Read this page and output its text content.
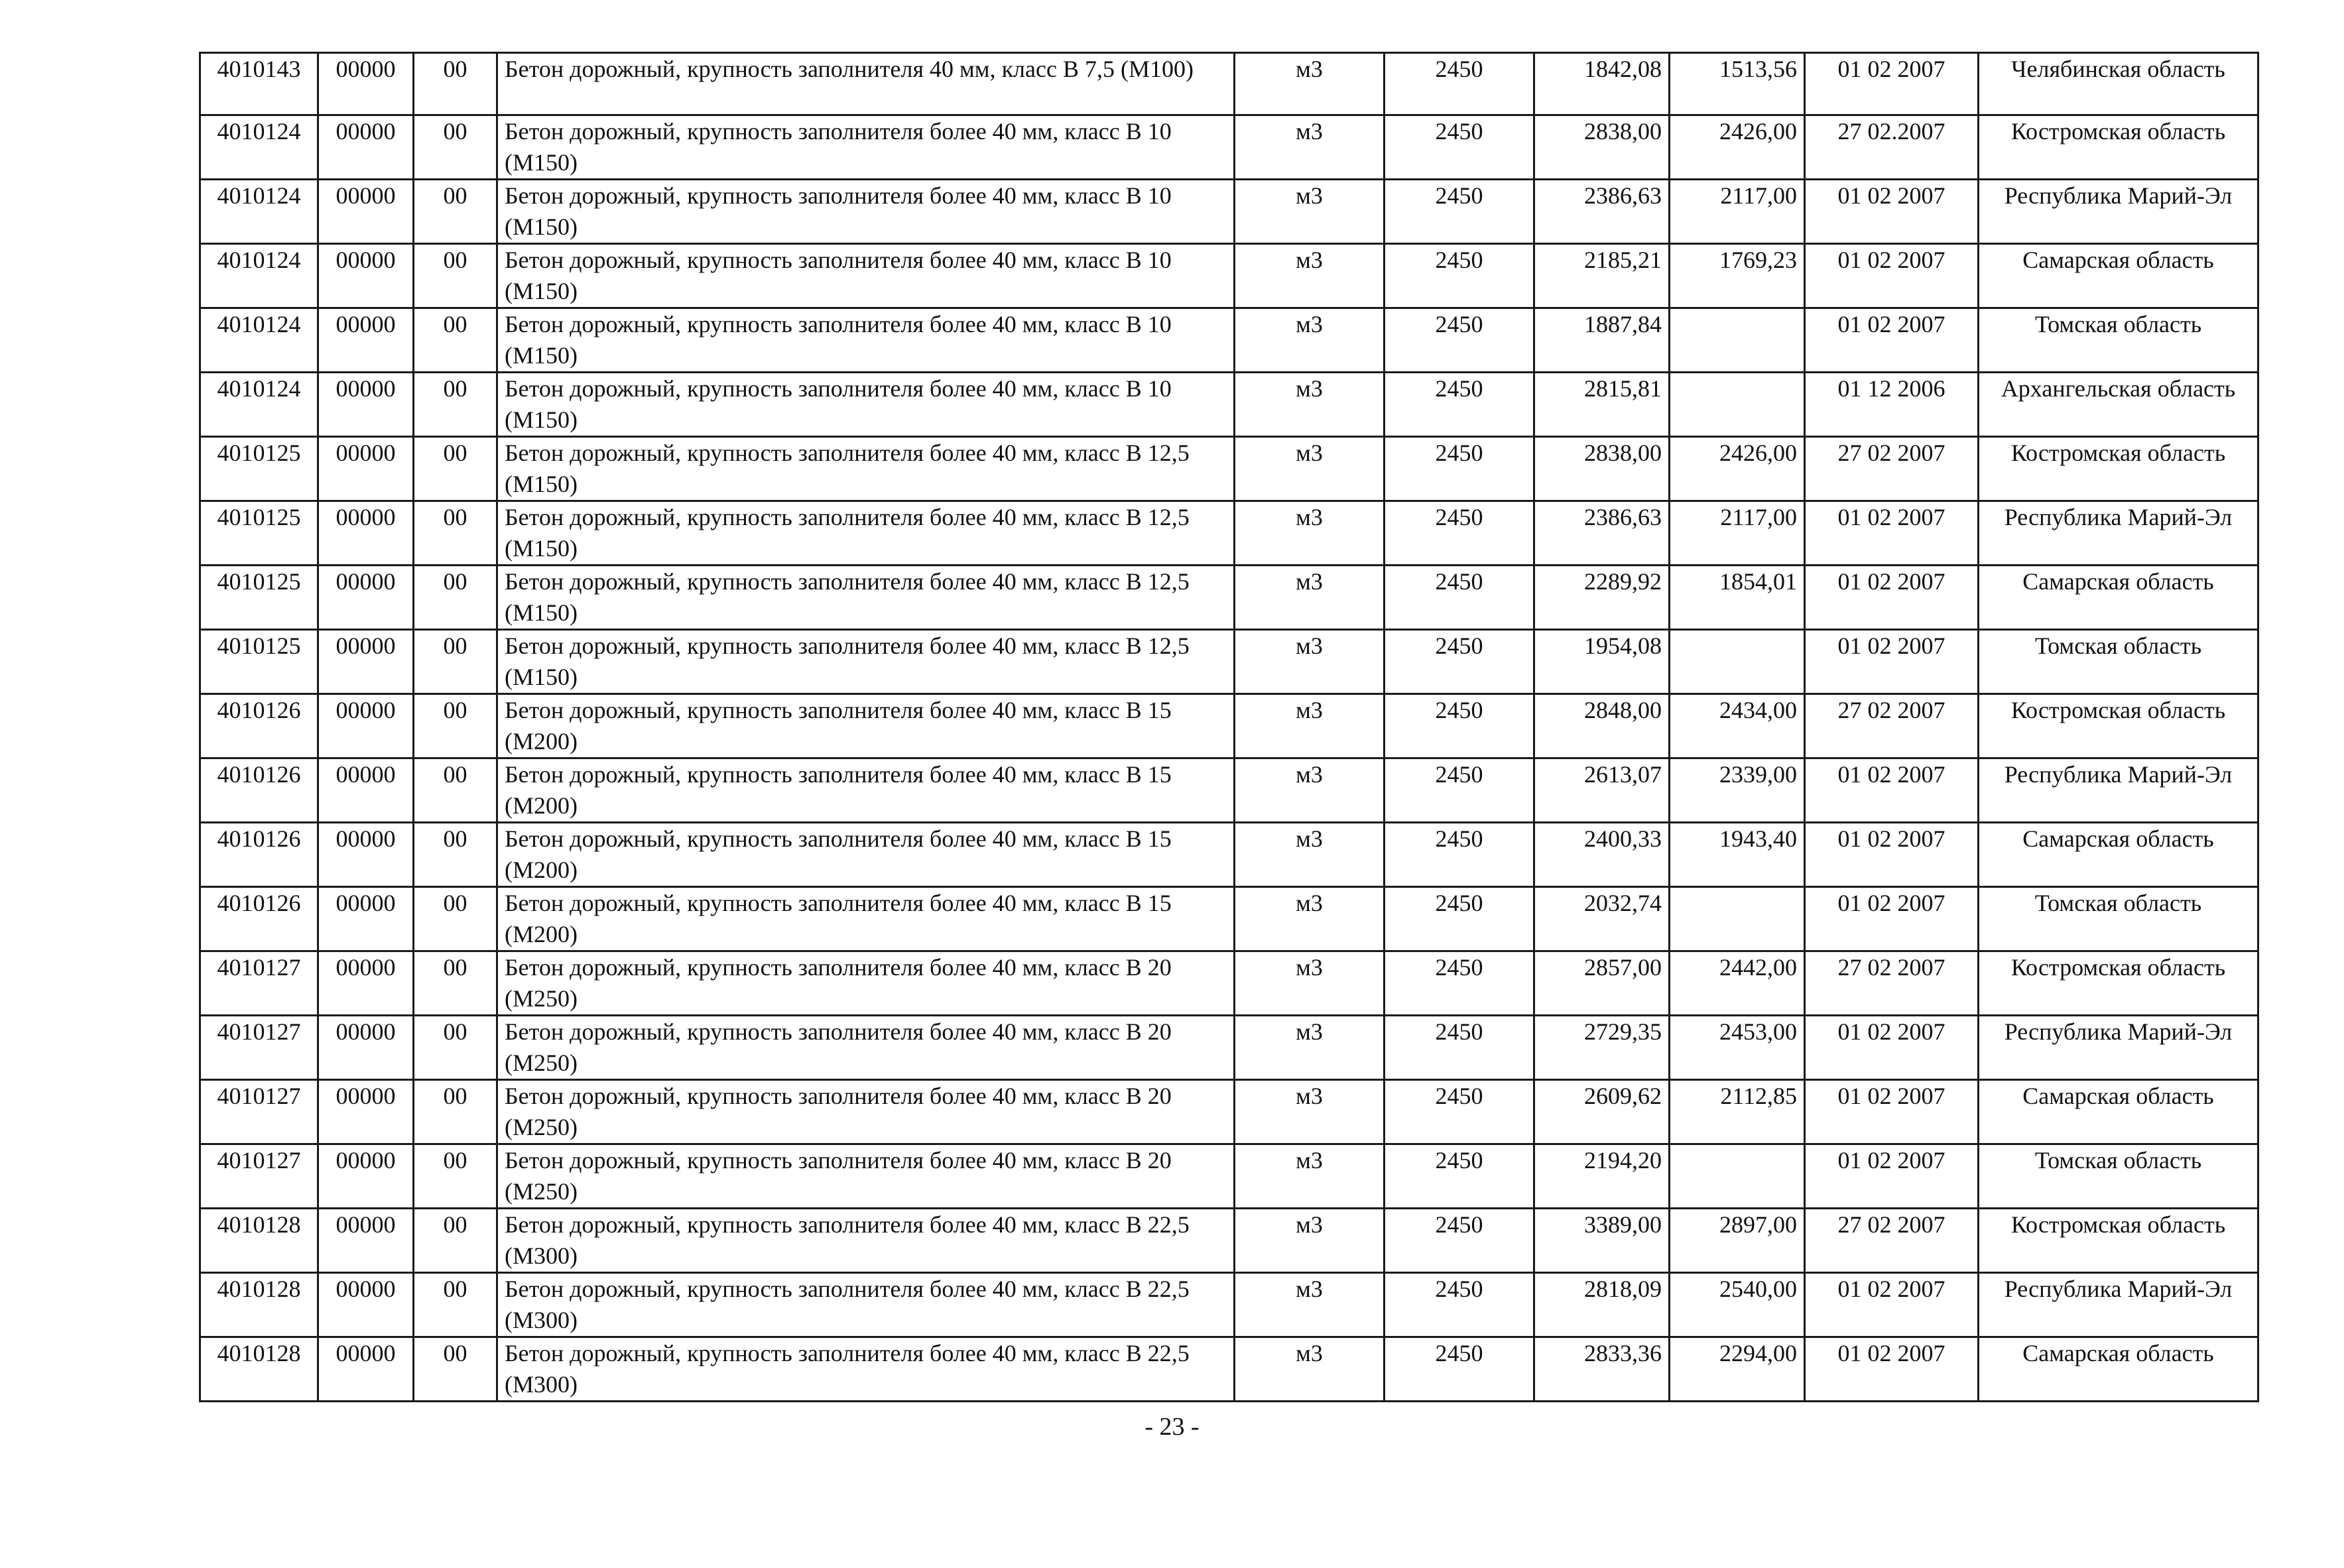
4010143	00000	00	Бетон дорожный, крупность заполнителя 40 мм, класс В 7,5 (М100)	м3	2450	1842,08	1513,56	01 02 2007	Челябинская область
4010124	00000	00	Бетон дорожный, крупность заполнителя более 40 мм, класс В 10 (М150)	м3	2450	2838,00	2426,00	27 02.2007	Костромская область
4010124	00000	00	Бетон дорожный, крупность заполнителя более 40 мм, класс В 10 (М150)	м3	2450	2386,63	2117,00	01 02 2007	Республика Марий-Эл
4010124	00000	00	Бетон дорожный, крупность заполнителя более 40 мм, класс В 10 (М150)	м3	2450	2185,21	1769,23	01 02 2007	Самарская область
4010124	00000	00	Бетон дорожный, крупность заполнителя более 40 мм, класс В 10 (М150)	м3	2450	1887,84		01 02 2007	Томская область
4010124	00000	00	Бетон дорожный, крупность заполнителя более 40 мм, класс В 10 (М150)	м3	2450	2815,81		01 12 2006	Архангельская область
4010125	00000	00	Бетон дорожный, крупность заполнителя более 40 мм, класс В 12,5 (М150)	м3	2450	2838,00	2426,00	27 02 2007	Костромская область
4010125	00000	00	Бетон дорожный, крупность заполнителя более 40 мм, класс В 12,5 (М150)	м3	2450	2386,63	2117,00	01 02 2007	Республика Марий-Эл
4010125	00000	00	Бетон дорожный, крупность заполнителя более 40 мм, класс В 12,5 (М150)	м3	2450	2289,92	1854,01	01 02 2007	Самарская область
4010125	00000	00	Бетон дорожный, крупность заполнителя более 40 мм, класс В 12,5 (М150)	м3	2450	1954,08		01 02 2007	Томская область
4010126	00000	00	Бетон дорожный, крупность заполнителя более 40 мм, класс В 15 (М200)	м3	2450	2848,00	2434,00	27 02 2007	Костромская область
4010126	00000	00	Бетон дорожный, крупность заполнителя более 40 мм, класс В 15 (М200)	м3	2450	2613,07	2339,00	01 02 2007	Республика Марий-Эл
4010126	00000	00	Бетон дорожный, крупность заполнителя более 40 мм, класс В 15 (М200)	м3	2450	2400,33	1943,40	01 02 2007	Самарская область
4010126	00000	00	Бетон дорожный, крупность заполнителя более 40 мм, класс В 15 (М200)	м3	2450	2032,74		01 02 2007	Томская область
4010127	00000	00	Бетон дорожный, крупность заполнителя более 40 мм, класс В 20 (М250)	м3	2450	2857,00	2442,00	27 02 2007	Костромская область
4010127	00000	00	Бетон дорожный, крупность заполнителя более 40 мм, класс В 20 (М250)	м3	2450	2729,35	2453,00	01 02 2007	Республика Марий-Эл
4010127	00000	00	Бетон дорожный, крупность заполнителя более 40 мм, класс В 20 (М250)	м3	2450	2609,62	2112,85	01 02 2007	Самарская область
4010127	00000	00	Бетон дорожный, крупность заполнителя более 40 мм, класс В 20 (М250)	м3	2450	2194,20		01 02 2007	Томская область
4010128	00000	00	Бетон дорожный, крупность заполнителя более 40 мм, класс В 22,5 (М300)	м3	2450	3389,00	2897,00	27 02 2007	Костромская область
4010128	00000	00	Бетон дорожный, крупность заполнителя более 40 мм, класс В 22,5 (М300)	м3	2450	2818,09	2540,00	01 02 2007	Республика Марий-Эл
4010128	00000	00	Бетон дорожный, крупность заполнителя более 40 мм, класс В 22,5 (М300)	м3	2450	2833,36	2294,00	01 02 2007	Самарская область
- 23 -
